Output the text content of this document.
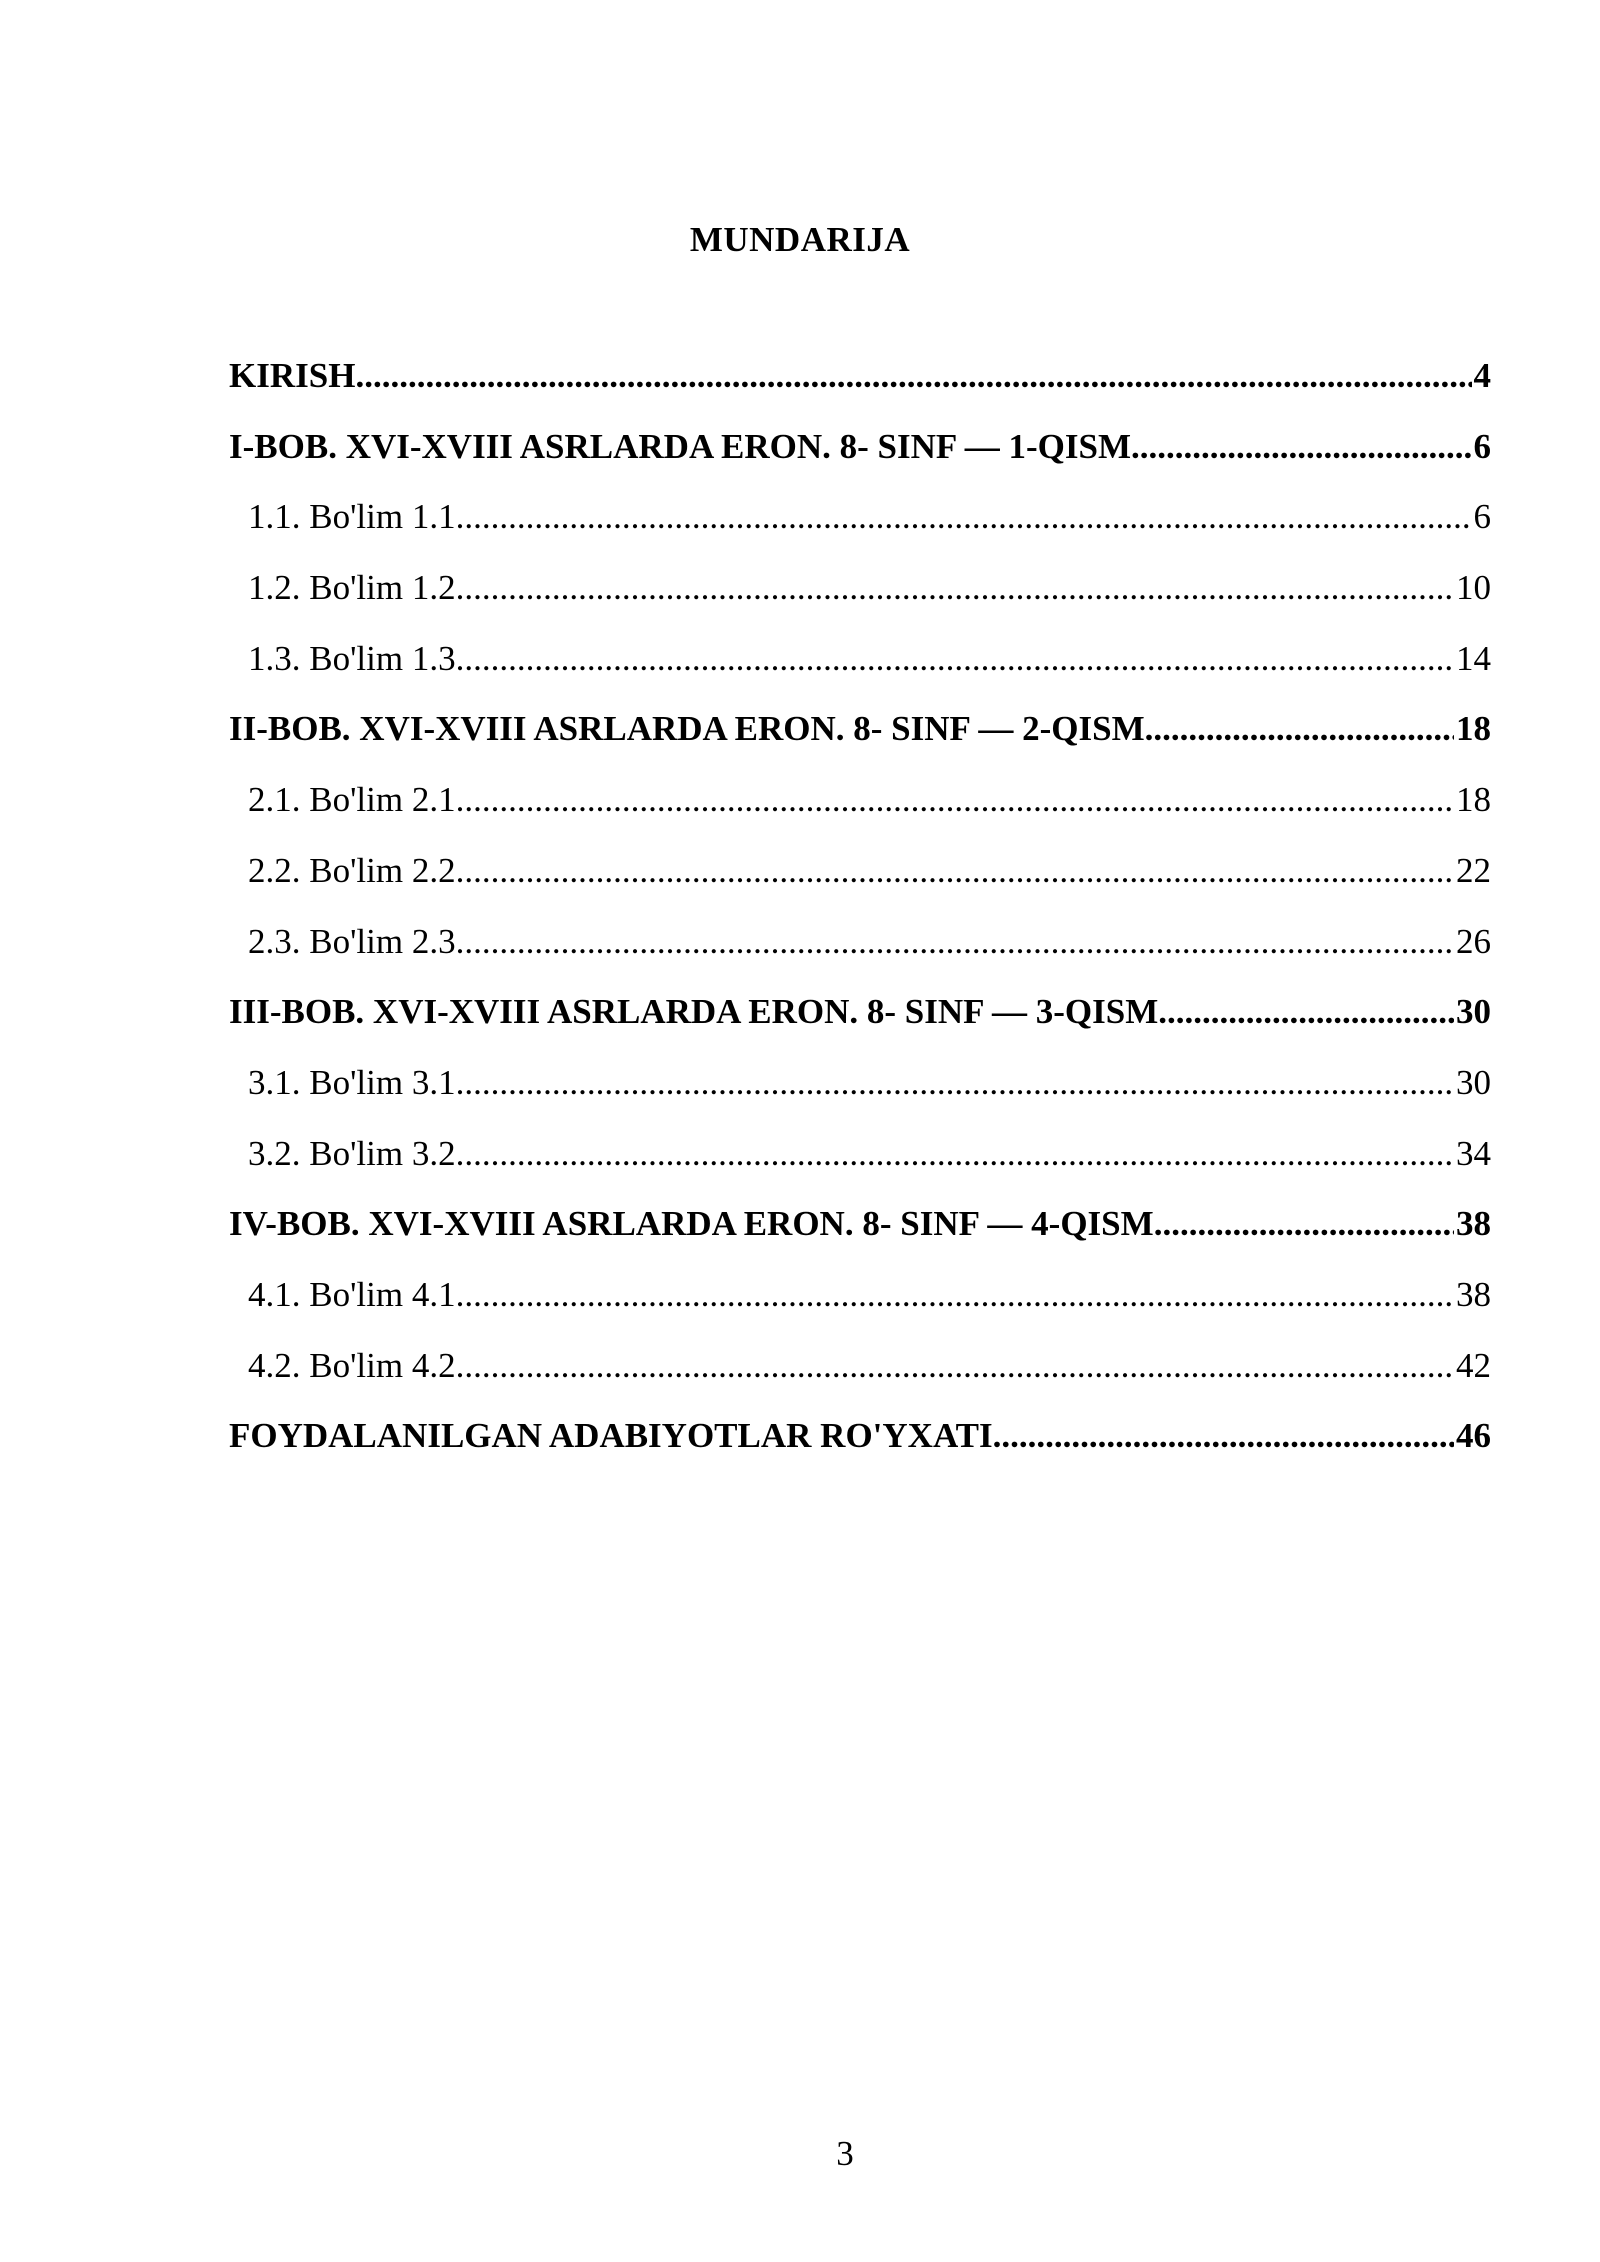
MUNDARIJA
KIRISH .....	4
I-BOB. XVI-XVIII ASRLARDA ERON. 8- SINF — 1-QISM .....	6
1.1. Bo'lim 1.1 .....	6
1.2. Bo'lim 1.2 .....	10
1.3. Bo'lim 1.3 .....	14
II-BOB. XVI-XVIII ASRLARDA ERON. 8- SINF — 2-QISM .....	18
2.1. Bo'lim 2.1 .....	18
2.2. Bo'lim 2.2 .....	22
2.3. Bo'lim 2.3 .....	26
III-BOB. XVI-XVIII ASRLARDA ERON. 8- SINF — 3-QISM .....	30
3.1. Bo'lim 3.1 .....	30
3.2. Bo'lim 3.2 .....	34
IV-BOB. XVI-XVIII ASRLARDA ERON. 8- SINF — 4-QISM .....	38
4.1. Bo'lim 4.1 .....	38
4.2. Bo'lim 4.2 .....	42
FOYDALANILGAN ADABIYOTLAR RO'YXATI .....	46
3
